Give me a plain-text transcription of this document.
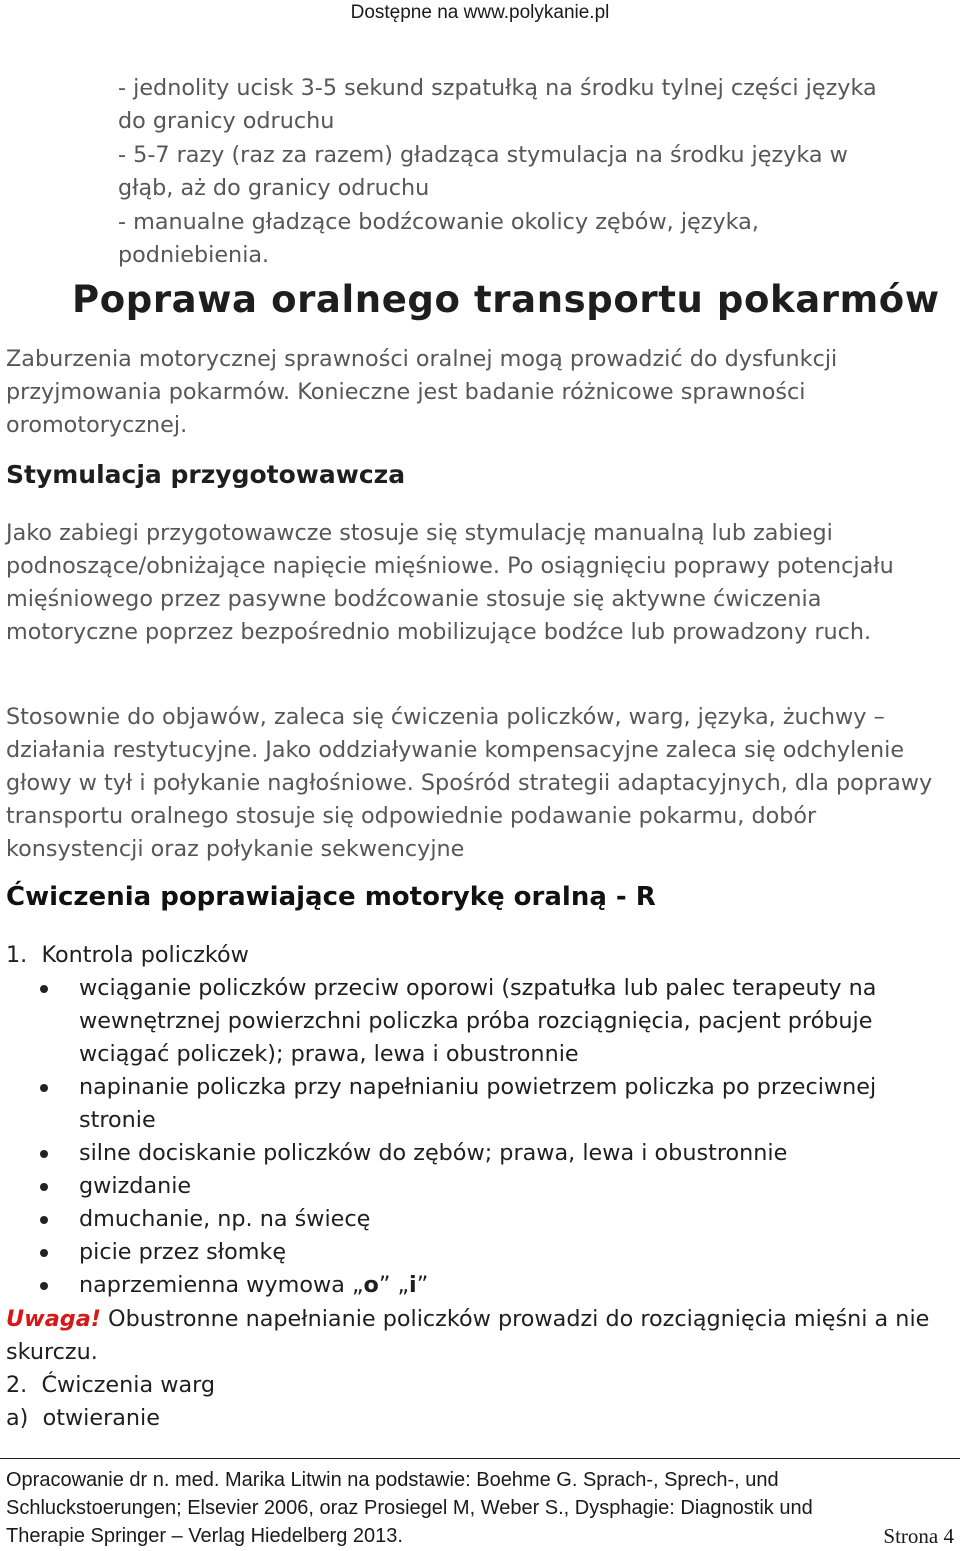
Dostępne na www.polykanie.pl

- jednolity ucisk 3-5 sekund szpatułką na środku tylnej części języka

do granicy odruchu

- 5-7 razy (raz za razem) gładząca stymulacja na środku języka w

głąb, aż do granicy odruchu

- manualne gładzące bodźcowanie okolicy zębów, języka,

podniebienia.

Poprawa oralnego transportu pokarmów

Zaburzenia motorycznej sprawności oralnej mogą prowadzić do dysfunkcji przyjmowania pokarmów. Konieczne jest badanie różnicowe sprawności oromotorycznej.

Stymulacja przygotowawcza

Jako zabiegi przygotowawcze stosuje się stymulację manualną lub zabiegi podnoszące/obniżające napięcie mięśniowe. Po osiągnięciu poprawy potencjału mięśniowego przez pasywne bodźcowanie stosuje się aktywne ćwiczenia motoryczne poprzez bezpośrednio mobilizujące bodźce lub prowadzony ruch.

Stosownie do objawów, zaleca się ćwiczenia policzków, warg, języka, żuchwy – działania restytucyjne. Jako oddziaływanie kompensacyjne zaleca się odchylenie głowy w tył i połykanie nagłośniowe. Spośród strategii adaptacyjnych, dla poprawy transportu oralnego stosuje się odpowiednie podawanie pokarmu, dobór konsystencji oraz połykanie sekwencyjne

Ćwiczenia poprawiające motorykę oralną - R
1. Kontrola policzków
wciąganie policzków przeciw oporowi (szpatułka lub palec terapeuty na wewnętrznej powierzchni policzka próba rozciągnięcia, pacjent próbuje wciągać policzek); prawa, lewa i obustronnie
napinanie policzka przy napełnianiu powietrzem policzka po przeciwnej stronie
silne dociskanie policzków do zębów; prawa, lewa i obustronnie
gwizdanie
dmuchanie, np. na świecę
picie przez słomkę
naprzemienna wymowa „o” „i”

Uwaga! Obustronne napełnianie policzków prowadzi do rozciągnięcia mięśni a nie skurczu.

2. Ćwiczenia warg
a) otwieranie
Opracowanie dr n. med. Marika Litwin na podstawie: Boehme G. Sprach-, Sprech-, und
Schluckstoerungen; Elsevier 2006, oraz Prosiegel M, Weber S., Dysphagie: Diagnostik und
Therapie Springer – Verlag Hiedelberg 2013.	Strona 4
